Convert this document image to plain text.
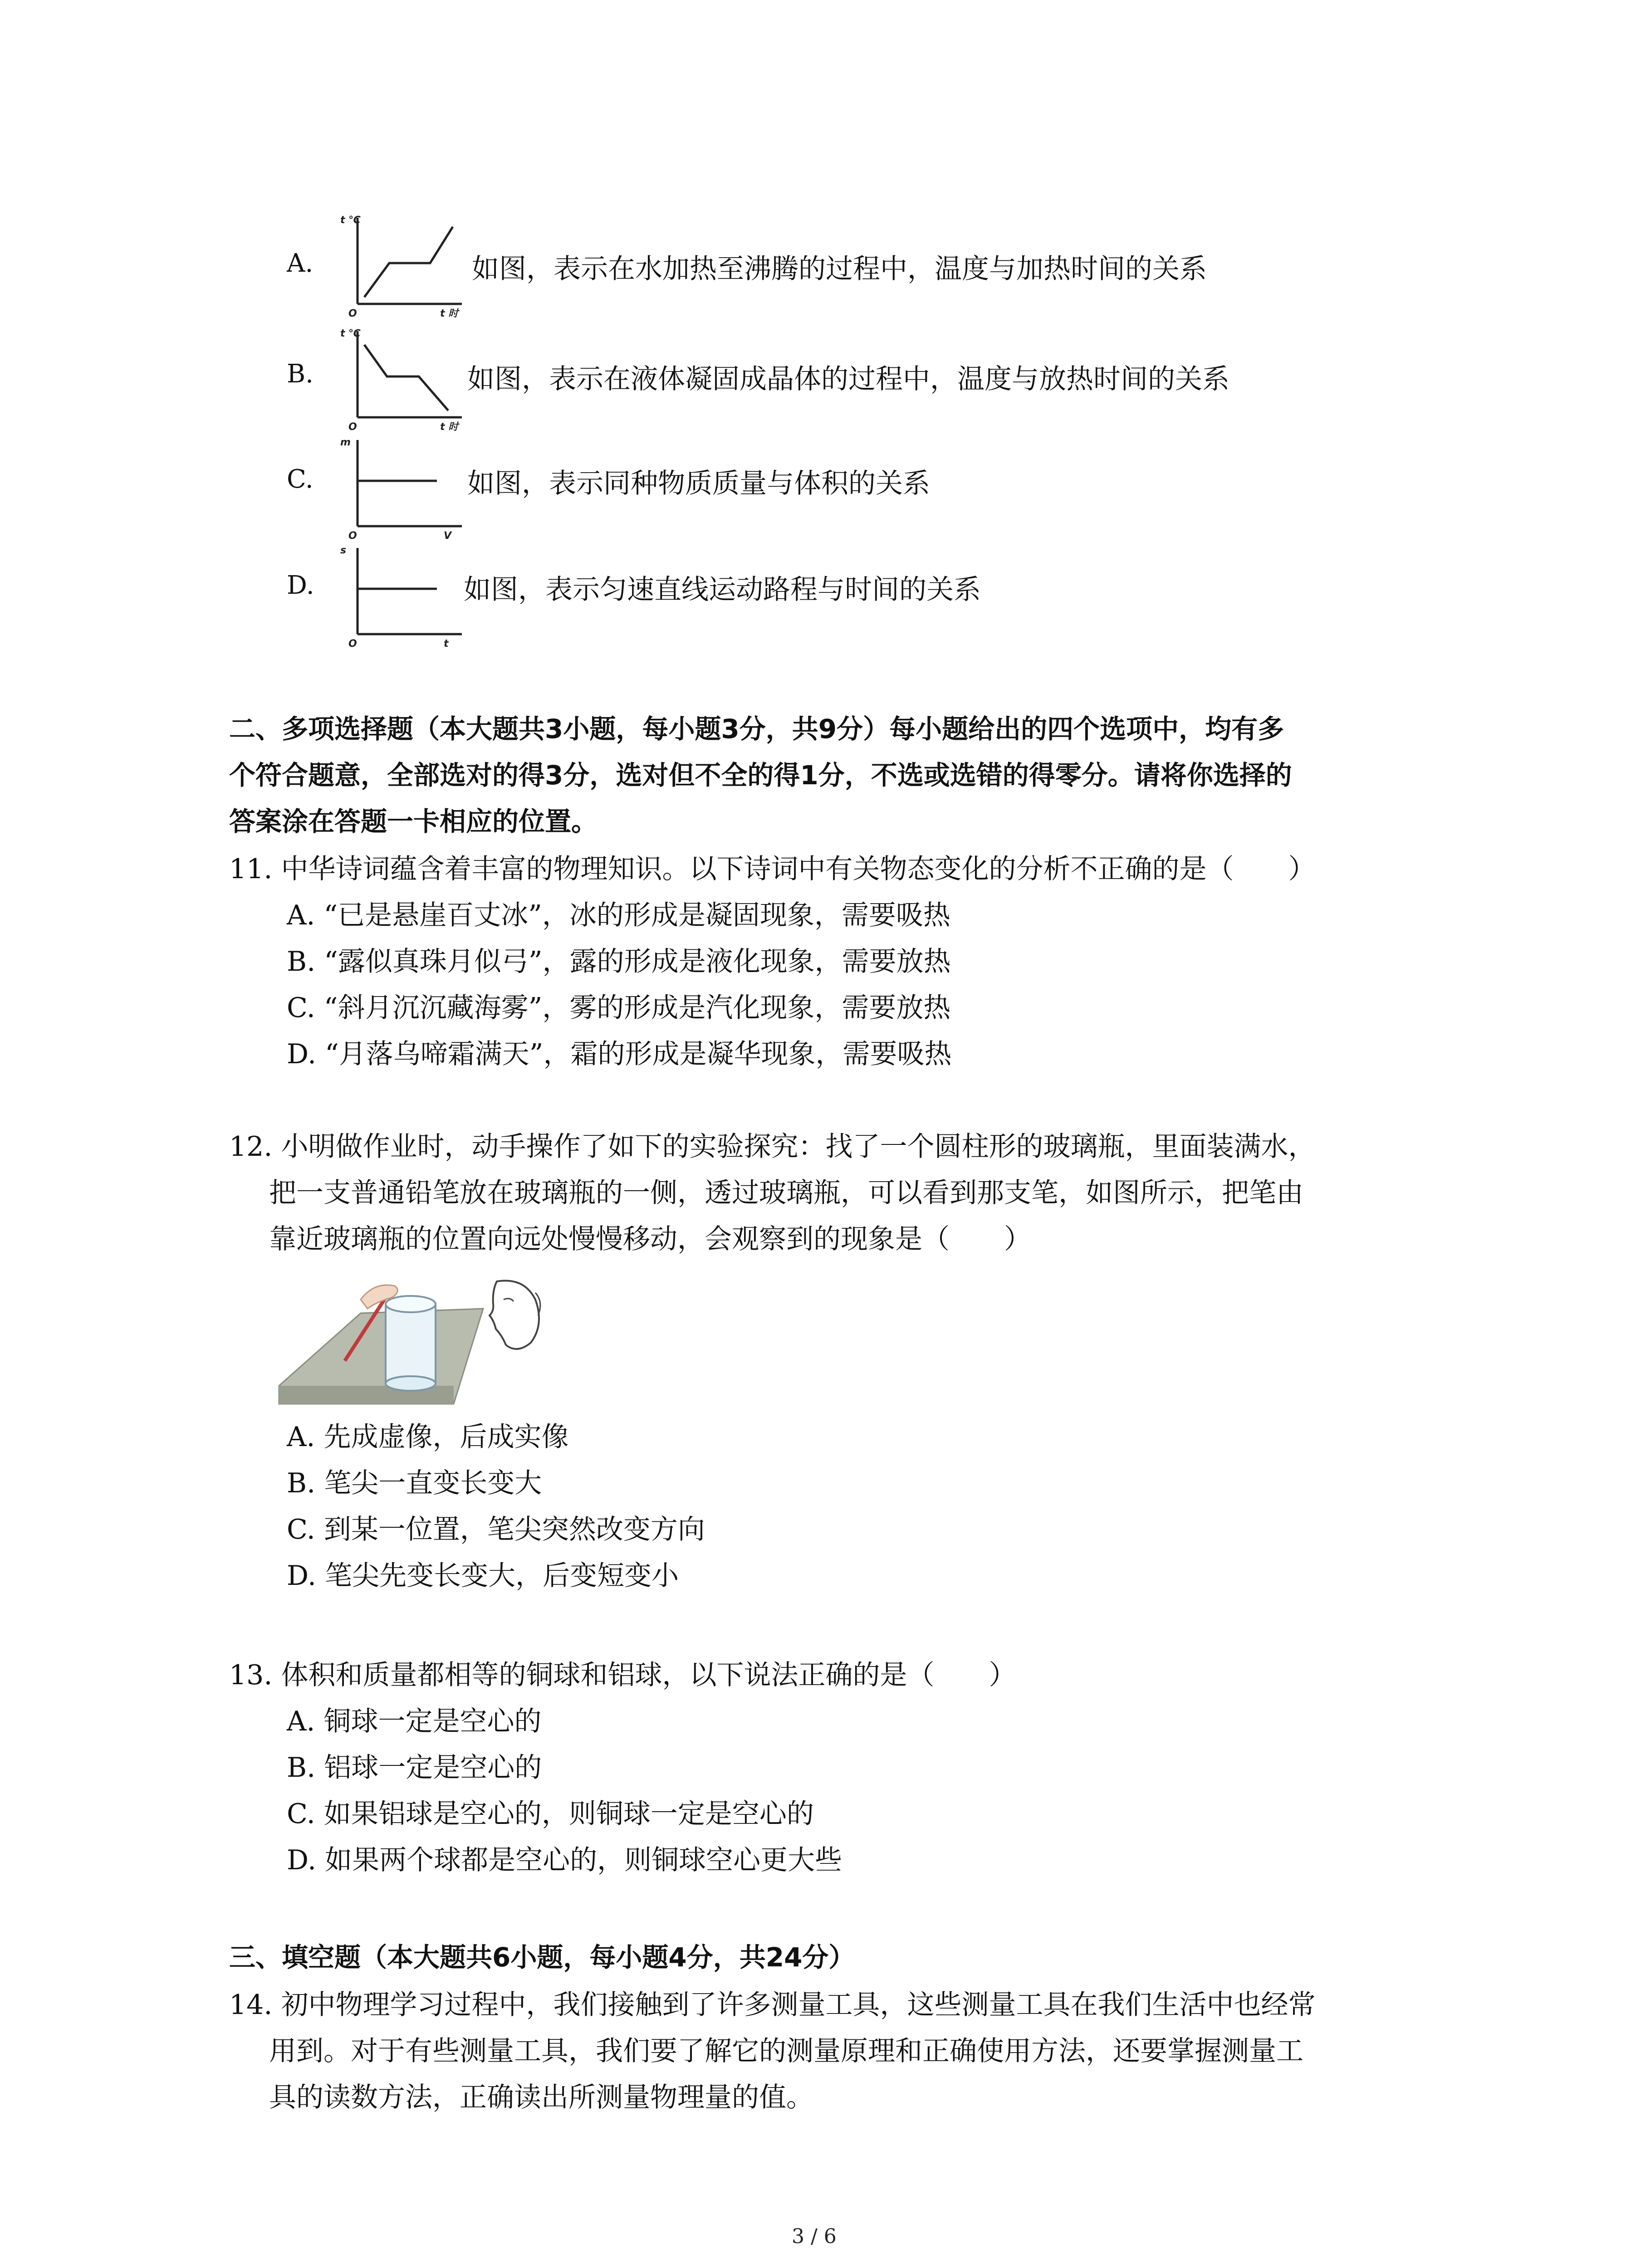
A.
t ℃
O	t 时
如图，表示在水加热至沸腾的过程中，温度与加热时间的关系
B.
t ℃
O	t 时
如图，表示在液体凝固成晶体的过程中，温度与放热时间的关系
C.
m
O	V
如图，表示同种物质质量与体积的关系
D.
s
O	t
如图，表示匀速直线运动路程与时间的关系
二、多项选择题（本大题共3小题，每小题3分，共9分）每小题给出的四个选项中，均有多
个符合题意，全部选对的得3分，选对但不全的得1分，不选或选错的得零分。请将你选择的
答案涂在答题一卡相应的位置。
11. 中华诗词蕴含着丰富的物理知识。以下诗词中有关物态变化的分析不正确的是（　　）
A. “已是悬崖百丈冰”，冰的形成是凝固现象，需要吸热
B. “露似真珠月似弓”，露的形成是液化现象，需要放热
C. “斜月沉沉藏海雾”，雾的形成是汽化现象，需要放热
D. “月落乌啼霜满天”，霜的形成是凝华现象，需要吸热
12. 小明做作业时，动手操作了如下的实验探究：找了一个圆柱形的玻璃瓶，里面装满水，
把一支普通铅笔放在玻璃瓶的一侧，透过玻璃瓶，可以看到那支笔，如图所示，把笔由
靠近玻璃瓶的位置向远处慢慢移动，会观察到的现象是（　　）
A. 先成虚像，后成实像
B. 笔尖一直变长变大
C. 到某一位置，笔尖突然改变方向
D. 笔尖先变长变大，后变短变小
13. 体积和质量都相等的铜球和铝球，以下说法正确的是（　　）
A. 铜球一定是空心的
B. 铝球一定是空心的
C. 如果铝球是空心的，则铜球一定是空心的
D. 如果两个球都是空心的，则铜球空心更大些
三、填空题（本大题共6小题，每小题4分，共24分）
14. 初中物理学习过程中，我们接触到了许多测量工具，这些测量工具在我们生活中也经常
用到。对于有些测量工具，我们要了解它的测量原理和正确使用方法，还要掌握测量工
具的读数方法，正确读出所测量物理量的值。
3 / 6
